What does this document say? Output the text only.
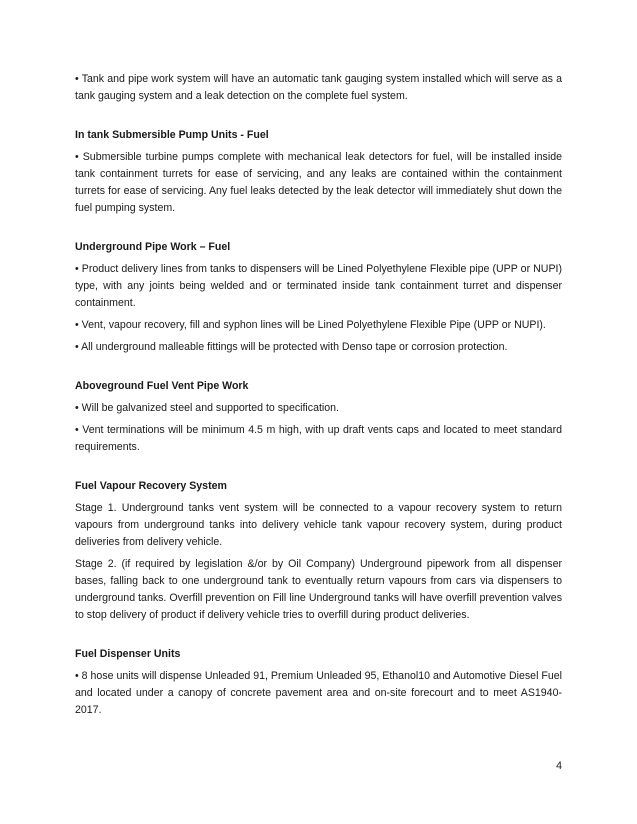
• Tank and pipe work system will have an automatic tank gauging system installed which will serve as a tank gauging system and a leak detection on the complete fuel system.

In tank Submersible Pump Units - Fuel

• Submersible turbine pumps complete with mechanical leak detectors for fuel, will be installed inside tank containment turrets for ease of servicing, and any leaks are contained within the containment turrets for ease of servicing. Any fuel leaks detected by the leak detector will immediately shut down the fuel pumping system.

Underground Pipe Work – Fuel

• Product delivery lines from tanks to dispensers will be Lined Polyethylene Flexible pipe (UPP or NUPI) type, with any joints being welded and or terminated inside tank containment turret and dispenser containment.

• Vent, vapour recovery, fill and syphon lines will be Lined Polyethylene Flexible Pipe (UPP or NUPI).

• All underground malleable fittings will be protected with Denso tape or corrosion protection.

Aboveground Fuel Vent Pipe Work

• Will be galvanized steel and supported to specification.

• Vent terminations will be minimum 4.5 m high, with up draft vents caps and located to meet standard requirements.

Fuel Vapour Recovery System

Stage 1. Underground tanks vent system will be connected to a vapour recovery system to return vapours from underground tanks into delivery vehicle tank vapour recovery system, during product deliveries from delivery vehicle.

Stage 2. (if required by legislation &/or by Oil Company) Underground pipework from all dispenser bases, falling back to one underground tank to eventually return vapours from cars via dispensers to underground tanks. Overfill prevention on Fill line Underground tanks will have overfill prevention valves to stop delivery of product if delivery vehicle tries to overfill during product deliveries.

Fuel Dispenser Units

• 8 hose units will dispense Unleaded 91, Premium Unleaded 95, Ethanol10 and Automotive Diesel Fuel and located under a canopy of concrete pavement area and on-site forecourt and to meet AS1940-2017.

4
